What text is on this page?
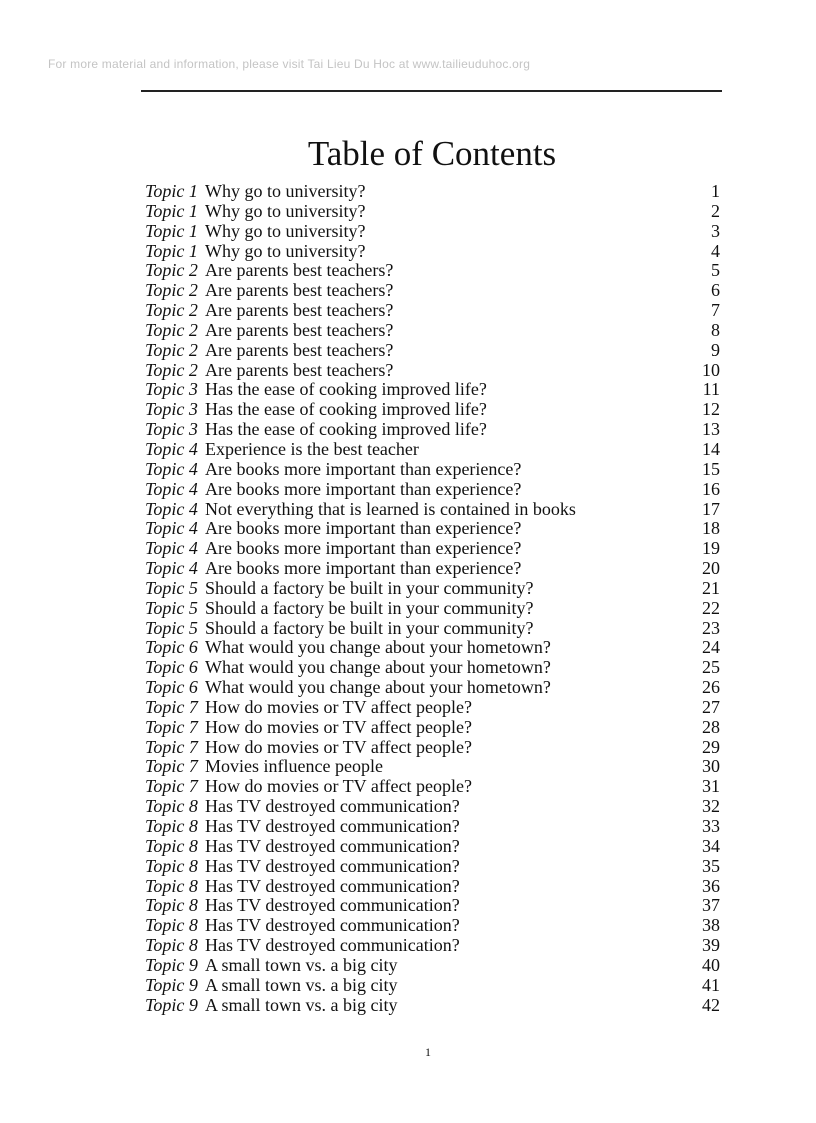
For more material and information, please visit Tai Lieu Du Hoc at www.tailieuduhoc.org
Table of Contents
Topic 1 Why go to university?	1
Topic 1 Why go to university?	2
Topic 1 Why go to university?	3
Topic 1 Why go to university?	4
Topic 2 Are parents best teachers?	5
Topic 2 Are parents best teachers?	6
Topic 2 Are parents best teachers?	7
Topic 2 Are parents best teachers?	8
Topic 2 Are parents best teachers?	9
Topic 2 Are parents best teachers?	10
Topic 3 Has the ease of cooking improved life?	11
Topic 3 Has the ease of cooking improved life?	12
Topic 3 Has the ease of cooking improved life?	13
Topic 4 Experience is the best teacher	14
Topic 4 Are books more important than experience?	15
Topic 4 Are books more important than experience?	16
Topic 4 Not everything that is learned is contained in books	17
Topic 4 Are books more important than experience?	18
Topic 4 Are books more important than experience?	19
Topic 4 Are books more important than experience?	20
Topic 5 Should a factory be built in your community?	21
Topic 5 Should a factory be built in your community?	22
Topic 5 Should a factory be built in your community?	23
Topic 6 What would you change about your hometown?	24
Topic 6 What would you change about your hometown?	25
Topic 6 What would you change about your hometown?	26
Topic 7 How do movies or TV affect people?	27
Topic 7 How do movies or TV affect people?	28
Topic 7 How do movies or TV affect people?	29
Topic 7 Movies influence people	30
Topic 7 How do movies or TV affect people?	31
Topic 8 Has TV destroyed communication?	32
Topic 8 Has TV destroyed communication?	33
Topic 8 Has TV destroyed communication?	34
Topic 8 Has TV destroyed communication?	35
Topic 8 Has TV destroyed communication?	36
Topic 8 Has TV destroyed communication?	37
Topic 8 Has TV destroyed communication?	38
Topic 8 Has TV destroyed communication?	39
Topic 9 A small town vs. a big city	40
Topic 9 A small town vs. a big city	41
Topic 9 A small town vs. a big city	42
1
